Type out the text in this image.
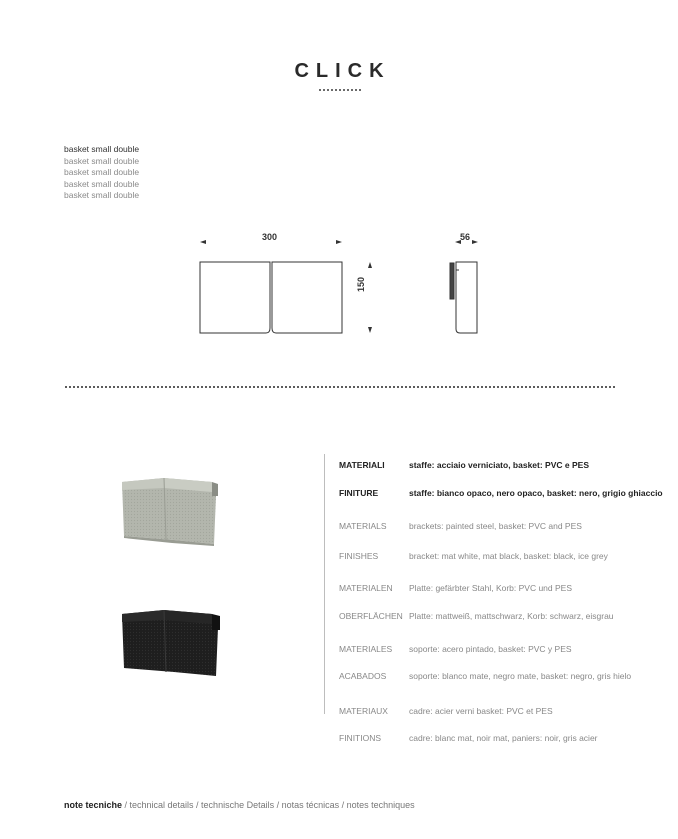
CLICK
basket small double
basket small double
basket small double
basket small double
basket small double
300
150
56
MATERIALI	staffe: acciaio verniciato, basket: PVC e PES
FINITURE	staffe: bianco opaco, nero opaco, basket: nero, grigio ghiaccio
MATERIALS	brackets: painted steel, basket: PVC and PES
FINISHES	bracket: mat white, mat black, basket: black, ice grey
MATERIALEN Platte: gefärbter Stahl, Korb: PVC und PES
OBERFLÄCHEN Platte: mattweiß, mattschwarz, Korb: schwarz, eisgrau
MATERIALES soporte: acero pintado, basket: PVC y PES
ACABADOS	soporte: blanco mate, negro mate, basket: negro, gris hielo
MATERIAUX cadre: acier verni basket: PVC et PES
FINITIONS	cadre: blanc mat, noir mat, paniers: noir, gris acier
note tecniche / technical details / technische Details / notas técnicas / notes techniques
